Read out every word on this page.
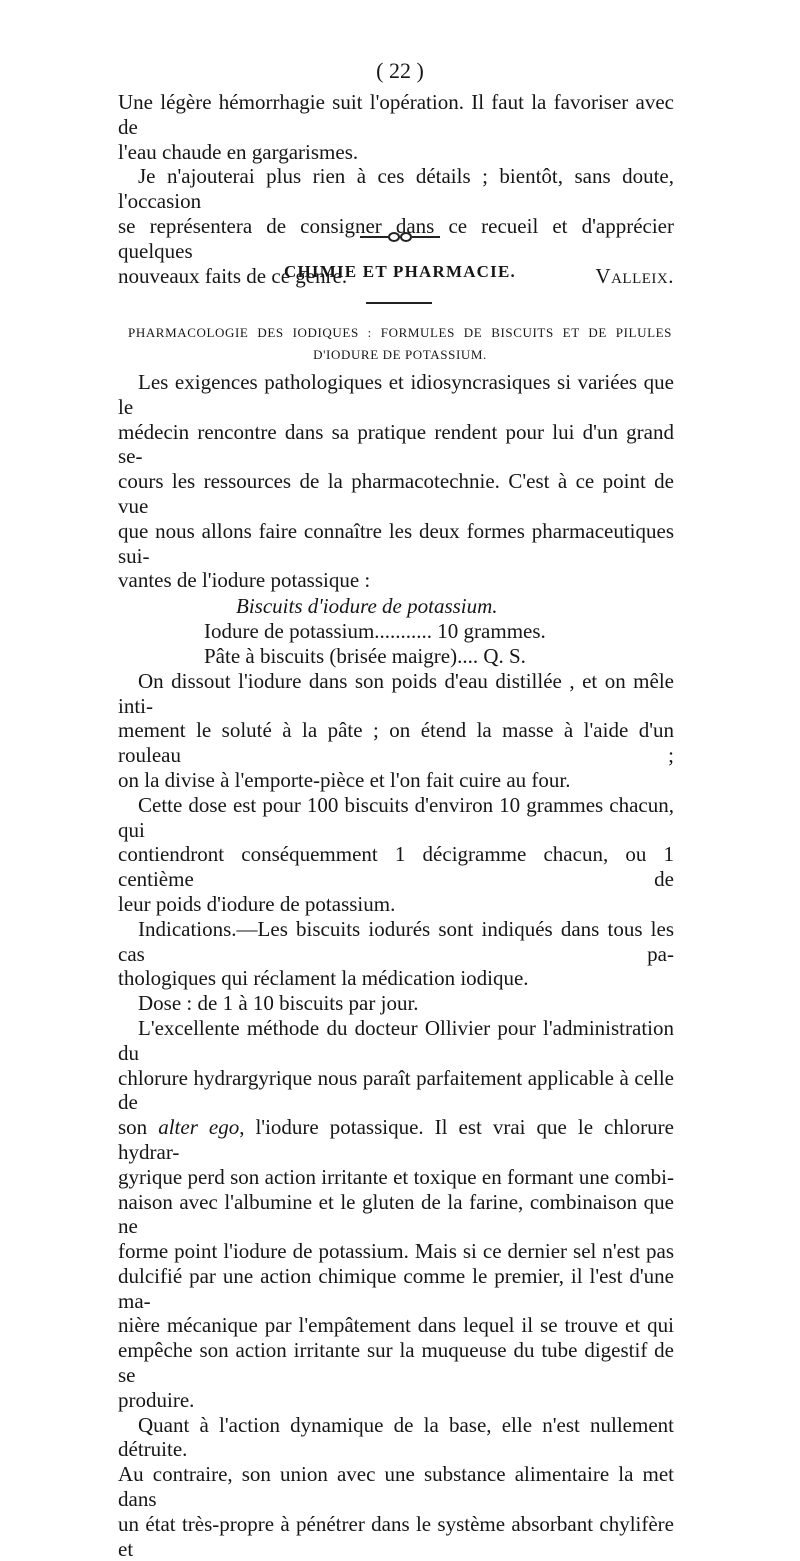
( 22 )

Une légère hémorrhagie suit l'opération. Il faut la favoriser avec de

l'eau chaude en gargarismes.

Je n'ajouterai plus rien à ces détails ; bientôt, sans doute, l'occasion

se représentera de consigner dans ce recueil et d'apprécier quelques

nouveaux faits de ce genre.	Valleix.
CHIMIE ET PHARMACIE.
PHARMACOLOGIE DES IODIQUES : FORMULES DE BISCUITS ET DE PILULES
D'IODURE DE POTASSIUM.

Les exigences pathologiques et idiosyncrasiques si variées que le

médecin rencontre dans sa pratique rendent pour lui d'un grand se-

cours les ressources de la pharmacotechnie. C'est à ce point de vue

que nous allons faire connaître les deux formes pharmaceutiques sui-

vantes de l'iodure potassique :

Biscuits d'iodure de potassium.
Iodure de potassium........... 10 grammes.
Pâte à biscuits (brisée maigre).... Q. S.

On dissout l'iodure dans son poids d'eau distillée , et on mêle inti-

mement le soluté à la pâte ; on étend la masse à l'aide d'un rouleau ;

on la divise à l'emporte-pièce et l'on fait cuire au four.

Cette dose est pour 100 biscuits d'environ 10 grammes chacun, qui

contiendront conséquemment 1 décigramme chacun, ou 1 centième de

leur poids d'iodure de potassium.

Indications.—Les biscuits iodurés sont indiqués dans tous les cas pa-

thologiques qui réclament la médication iodique.

Dose : de 1 à 10 biscuits par jour.

L'excellente méthode du docteur Ollivier pour l'administration du

chlorure hydrargyrique nous paraît parfaitement applicable à celle de

son alter ego, l'iodure potassique. Il est vrai que le chlorure hydrar-

gyrique perd son action irritante et toxique en formant une combi-

naison avec l'albumine et le gluten de la farine, combinaison que ne

forme point l'iodure de potassium. Mais si ce dernier sel n'est pas

dulcifié par une action chimique comme le premier, il l'est d'une ma-

nière mécanique par l'empâtement dans lequel il se trouve et qui

empêche son action irritante sur la muqueuse du tube digestif de se

produire.

Quant à l'action dynamique de la base, elle n'est nullement détruite.

Au contraire, son union avec une substance alimentaire la met dans

un état très-propre à pénétrer dans le système absorbant chylifère et
